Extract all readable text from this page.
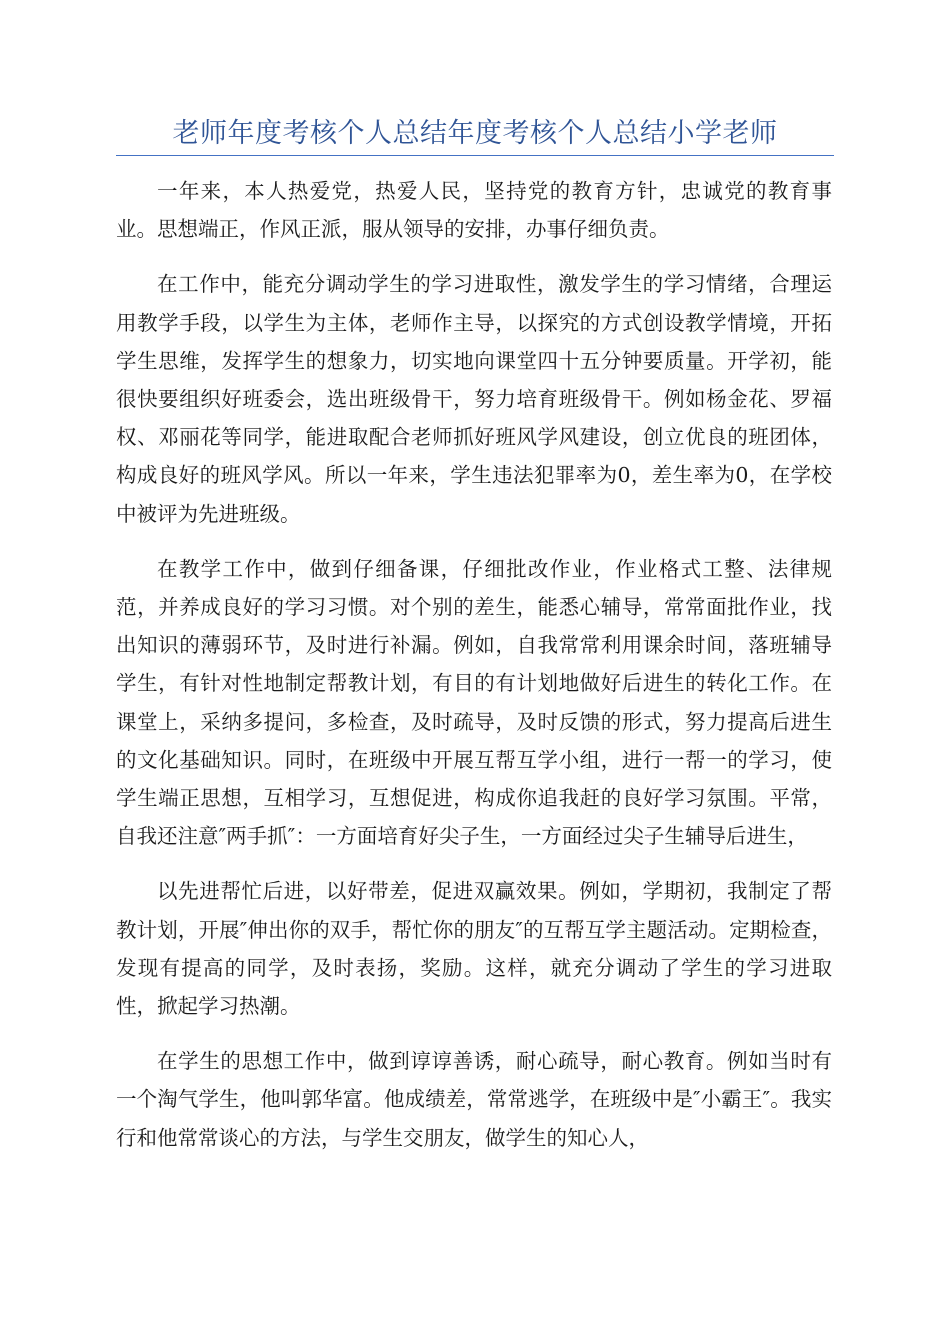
老师年度考核个人总结年度考核个人总结小学老师

一年来，本人热爱党，热爱人民，坚持党的教育方针，忠诚党的教育事业。思想端正，作风正派，服从领导的安排，办事仔细负责。

在工作中，能充分调动学生的学习进取性，激发学生的学习情绪，合理运用教学手段，以学生为主体，老师作主导，以探究的方式创设教学情境，开拓学生思维，发挥学生的想象力，切实地向课堂四十五分钟要质量。开学初，能很快要组织好班委会，选出班级骨干，努力培育班级骨干。例如杨金花、罗福权、邓丽花等同学，能进取配合老师抓好班风学风建设，创立优良的班团体，构成良好的班风学风。所以一年来，学生违法犯罪率为0，差生率为0，在学校中被评为先进班级。

在教学工作中，做到仔细备课，仔细批改作业，作业格式工整、法律规范，并养成良好的学习习惯。对个别的差生，能悉心辅导，常常面批作业，找出知识的薄弱环节，及时进行补漏。例如，自我常常利用课余时间，落班辅导学生，有针对性地制定帮教计划，有目的有计划地做好后进生的转化工作。在课堂上，采纳多提问，多检查，及时疏导，及时反馈的形式，努力提高后进生的文化基础知识。同时，在班级中开展互帮互学小组，进行一帮一的学习，使学生端正思想，互相学习，互想促进，构成你追我赶的良好学习氛围。平常，自我还注意″两手抓″：一方面培育好尖子生，一方面经过尖子生辅导后进生，

以先进帮忙后进，以好带差，促进双赢效果。例如，学期初，我制定了帮教计划，开展″伸出你的双手，帮忙你的朋友″的互帮互学主题活动。定期检查，发现有提高的同学，及时表扬，奖励。这样，就充分调动了学生的学习进取性，掀起学习热潮。

在学生的思想工作中，做到谆谆善诱，耐心疏导，耐心教育。例如当时有一个淘气学生，他叫郭华富。他成绩差，常常逃学，在班级中是″小霸王″。我实行和他常常谈心的方法，与学生交朋友，做学生的知心人，
